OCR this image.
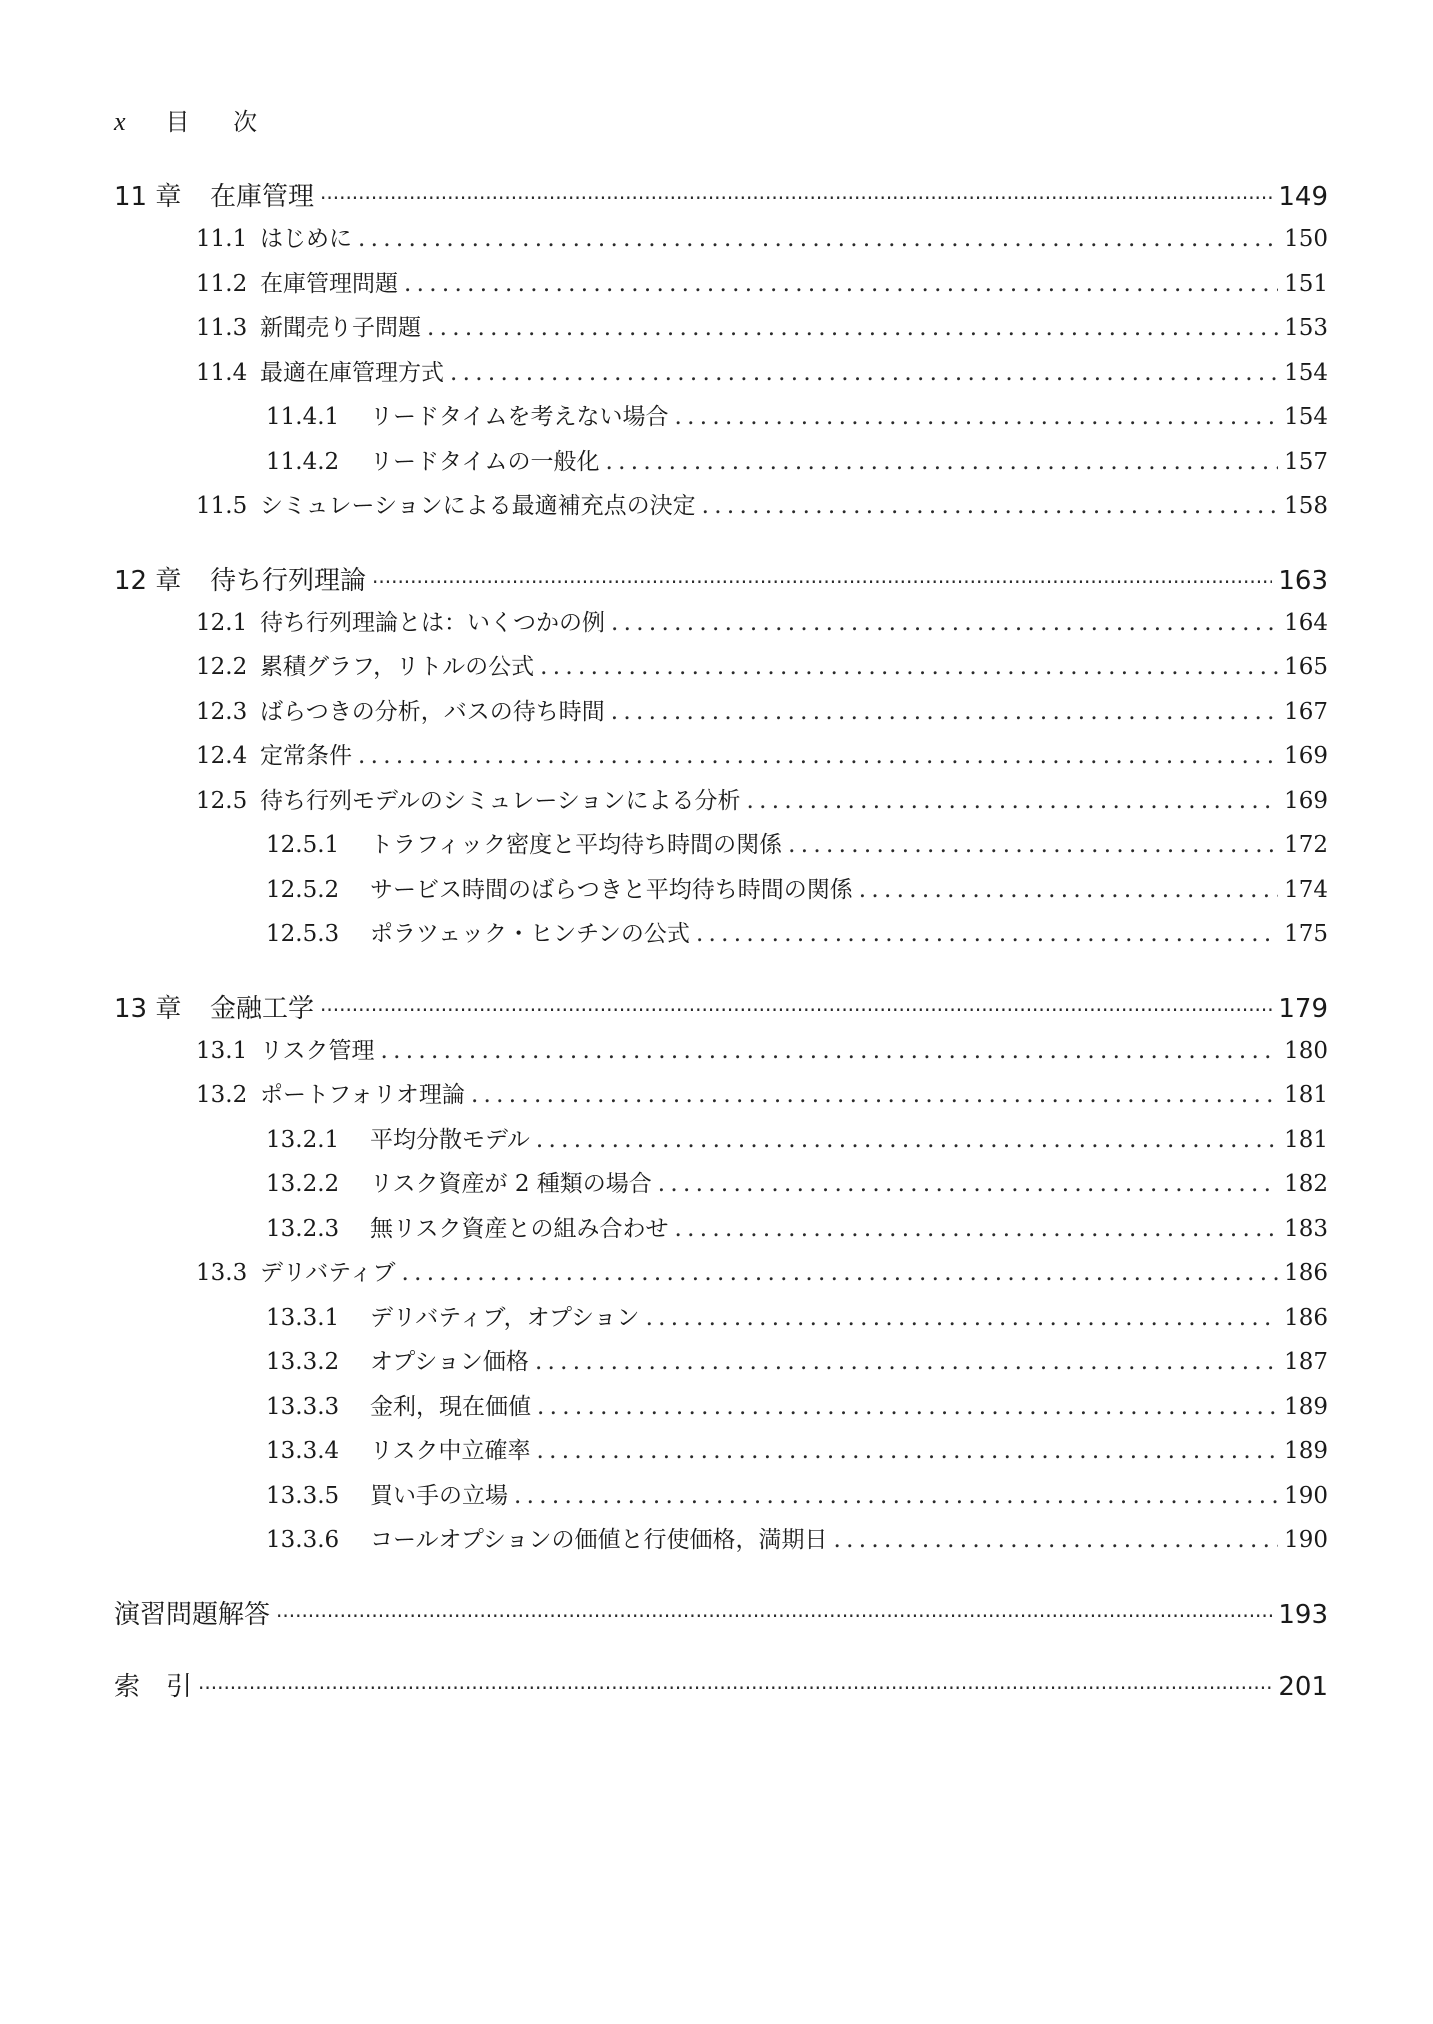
x 目 次
11 章	在庫管理 ·····	149
11.1 はじめに . . .	150
11.2 在庫管理問題 . . .	151
11.3 新聞売り子問題 . . .	153
11.4 最適在庫管理方式 . . .	154
11.4.1	リードタイムを考えない場合 . . .	154
11.4.2	リードタイムの一般化 . . .	157
11.5 シミュレーションによる最適補充点の決定 . . .	158
12 章	待ち行列理論 ·····	163
12.1 待ち行列理論とは：いくつかの例 . . .	164
12.2 累積グラフ，リトルの公式 . . .	165
12.3 ばらつきの分析，バスの待ち時間 . . .	167
12.4 定常条件 . . .	169
12.5 待ち行列モデルのシミュレーションによる分析 . . .	169
12.5.1	トラフィック密度と平均待ち時間の関係 . . .	172
12.5.2	サービス時間のばらつきと平均待ち時間の関係 . . .	174
12.5.3	ポラツェック・ヒンチンの公式 . . .	175
13 章	金融工学 ·····	179
13.1 リスク管理 . . .	180
13.2 ポートフォリオ理論 . . .	181
13.2.1	平均分散モデル . . .	181
13.2.2	リスク資産が 2 種類の場合 . . .	182
13.2.3	無リスク資産との組み合わせ . . .	183
13.3 デリバティブ . . .	186
13.3.1	デリバティブ，オプション . . .	186
13.3.2	オプション価格 . . .	187
13.3.3	金利，現在価値 . . .	189
13.3.4	リスク中立確率 . . .	189
13.3.5	買い手の立場 . . .	190
13.3.6	コールオプションの価値と行使価格，満期日 . . .	190
演習問題解答 ·····	193
索　引 ·····	201
